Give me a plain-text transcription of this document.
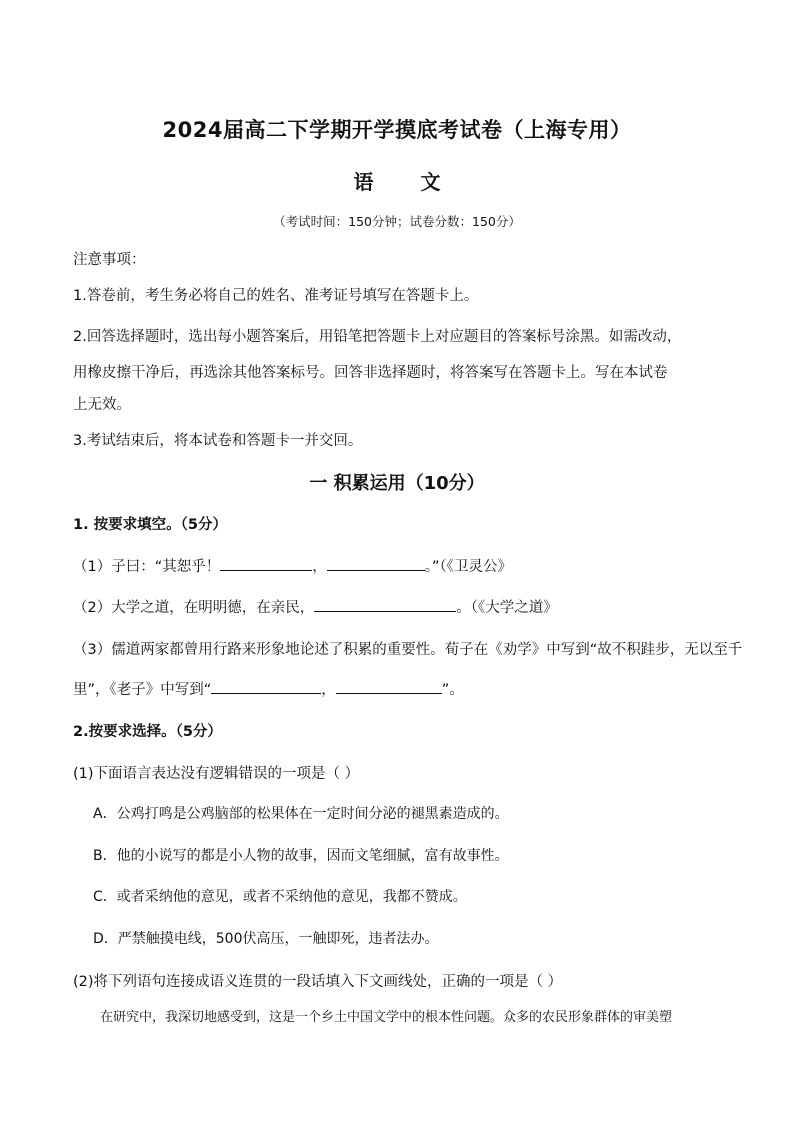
2024届高二下学期开学摸底考试卷（上海专用）
语 文
（考试时间：150分钟；试卷分数：150分）
注意事项：
1.答卷前，考生务必将自己的姓名、准考证号填写在答题卡上。
2.回答选择题时，选出每小题答案后，用铅笔把答题卡上对应题目的答案标号涂黑。如需改动，
用橡皮擦干净后，再选涂其他答案标号。回答非选择题时，将答案写在答题卡上。写在本试卷
上无效。
3.考试结束后，将本试卷和答题卡一并交回。
一 积累运用（10分）
1. 按要求填空。（5分）
（1）子曰：“其恕乎！	，	。”（《卫灵公》
（2）大学之道，在明明德，在亲民，	。（《大学之道》
（3）儒道两家都曾用行路来形象地论述了积累的重要性。荀子在《劝学》中写到“故不积跬步，无以至千
里”，《老子》中写到“	，	”。
2.按要求选择。（5分）
(1)下面语言表达没有逻辑错误的一项是（ ）
A．公鸡打鸣是公鸡脑部的松果体在一定时间分泌的褪黑素造成的。
B．他的小说写的都是小人物的故事，因而文笔细腻，富有故事性。
C．或者采纳他的意见，或者不采纳他的意见，我都不赞成。
D．严禁触摸电线，500伏高压，一触即死，违者法办。
(2)将下列语句连接成语义连贯的一段话填入下文画线处，正确的一项是（ ）
在研究中，我深切地感受到，这是一个乡土中国文学中的根本性问题。众多的农民形象群体的审美塑
